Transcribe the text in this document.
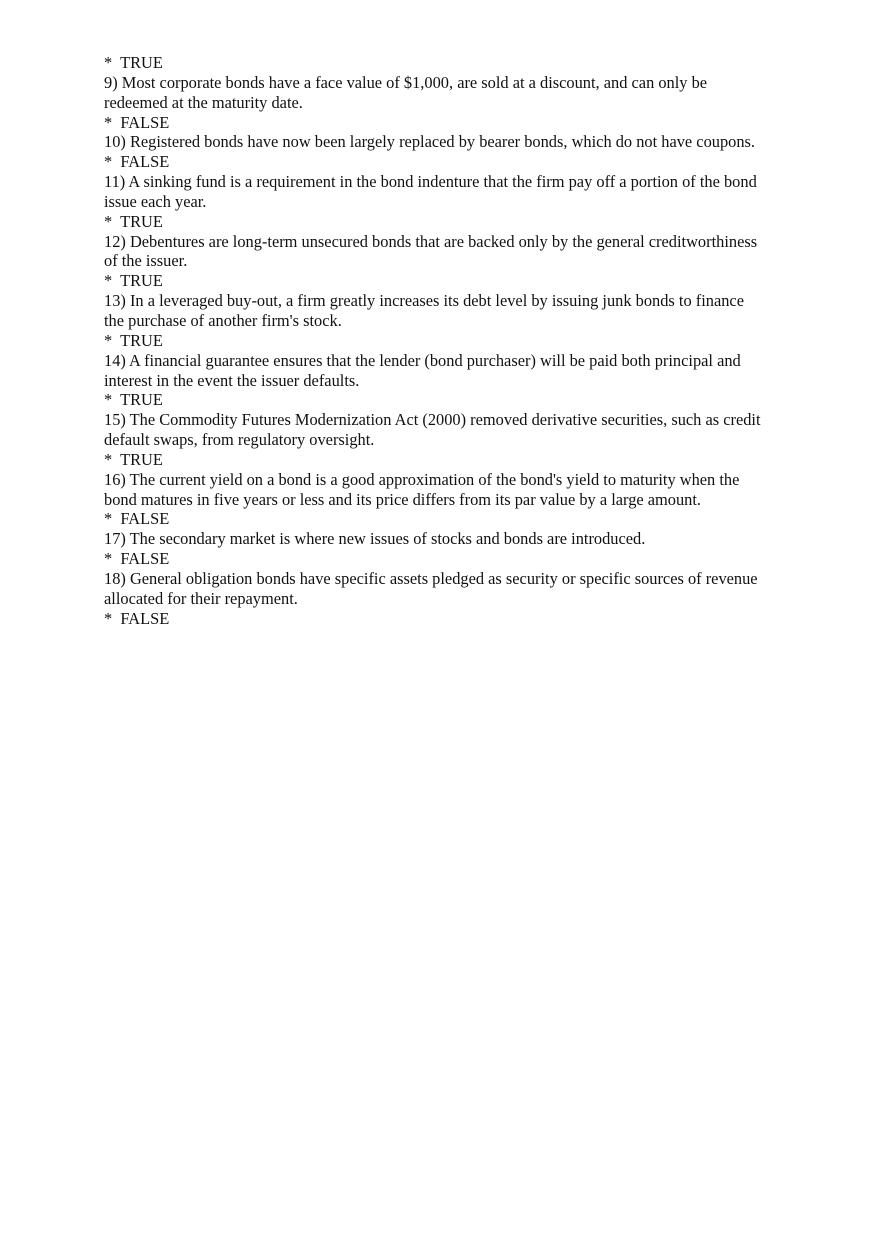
*  TRUE
9) Most corporate bonds have a face value of $1,000, are sold at a discount, and can only be
redeemed at the maturity date.
*  FALSE
10) Registered bonds have now been largely replaced by bearer bonds, which do not have coupons.
*  FALSE
11) A sinking fund is a requirement in the bond indenture that the firm pay off a portion of the bond
issue each year.
*  TRUE
12) Debentures are long-term unsecured bonds that are backed only by the general creditworthiness
of the issuer.
*  TRUE
13) In a leveraged buy-out, a firm greatly increases its debt level by issuing junk bonds to finance
the purchase of another firm's stock.
*  TRUE
14) A financial guarantee ensures that the lender (bond purchaser) will be paid both principal and
interest in the event the issuer defaults.
*  TRUE
15) The Commodity Futures Modernization Act (2000) removed derivative securities, such as credit
default swaps, from regulatory oversight.
*  TRUE
16) The current yield on a bond is a good approximation of the bond's yield to maturity when the
bond matures in five years or less and its price differs from its par value by a large amount.
*  FALSE
17) The secondary market is where new issues of stocks and bonds are introduced.
*  FALSE
18) General obligation bonds have specific assets pledged as security or specific sources of revenue
allocated for their repayment.
*  FALSE
